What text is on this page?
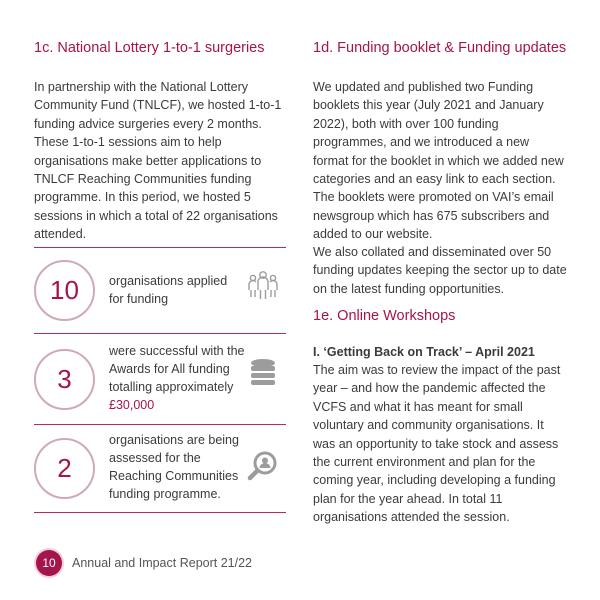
1c. National Lottery 1-to-1 surgeries

In partnership with the National Lottery Community Fund (TNLCF), we hosted 1-to-1 funding advice surgeries every 2 months. These 1-to-1 sessions aim to help organisations make better applications to TNLCF Reaching Communities funding programme. In this period, we hosted 5 sessions in which a total of 22 organisations attended.

10	organisations applied for funding
3
were successful with the Awards for All funding totalling approximately
£30,000
2
organisations are being assessed for the Reaching Communities funding programme.
1d. Funding booklet & Funding updates

We updated and published two Funding booklets this year (July 2021 and January 2022), both with over 100 funding programmes, and we introduced a new format for the booklet in which we added new categories and an easy link to each section. The booklets were promoted on VAI’s email newsgroup which has 675 subscribers and added to our website.

We also collated and disseminated over 50 funding updates keeping the sector up to date on the latest funding opportunities.

1e. Online Workshops
I. ‘Getting Back on Track’ – April 2021

The aim was to review the impact of the past year – and how the pandemic affected the VCFS and what it has meant for small voluntary and community organisations. It was an opportunity to take stock and assess the current environment and plan for the coming year, including developing a funding plan for the year ahead. In total 11 organisations attended the session.

10	Annual and Impact Report 21/22
